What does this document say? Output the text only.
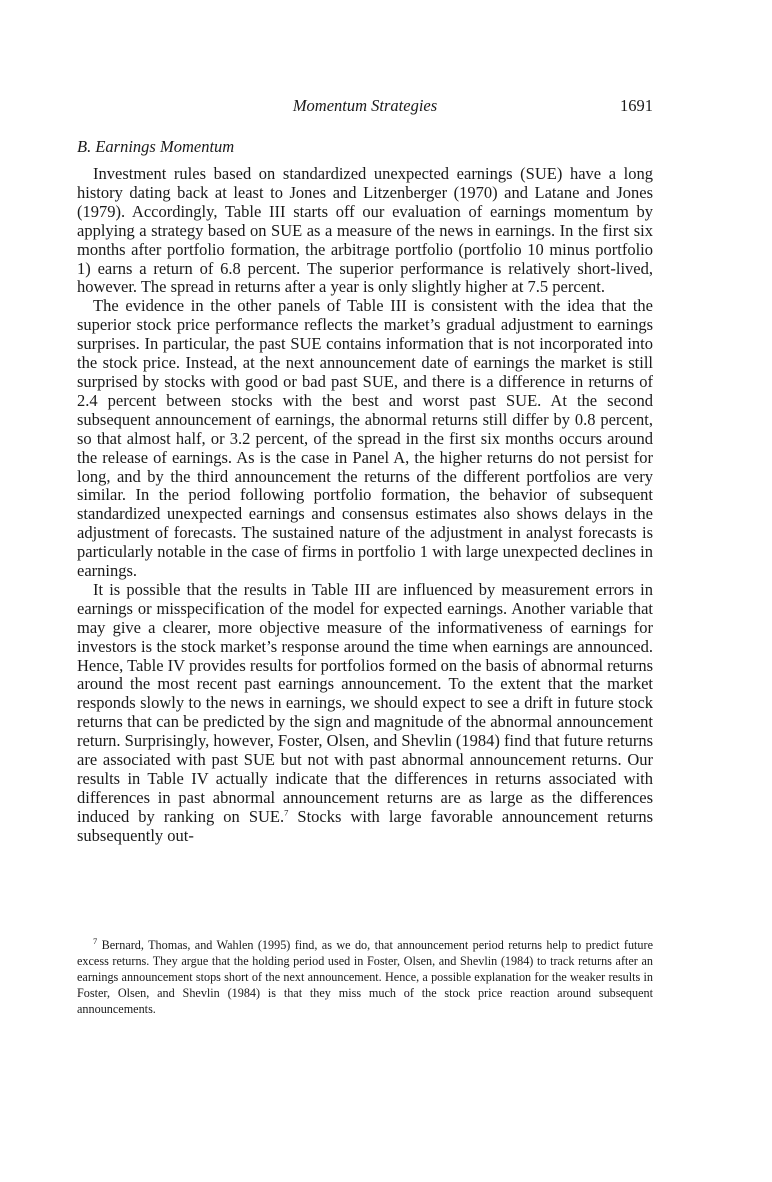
Momentum Strategies	1691
B. Earnings Momentum

Investment rules based on standardized unexpected earnings (SUE) have a long history dating back at least to Jones and Litzenberger (1970) and Latane and Jones (1979). Accordingly, Table III starts off our evaluation of earnings momentum by applying a strategy based on SUE as a measure of the news in earnings. In the first six months after portfolio formation, the arbitrage portfolio (portfolio 10 minus portfolio 1) earns a return of 6.8 percent. The superior performance is relatively short-lived, however. The spread in returns after a year is only slightly higher at 7.5 percent.

The evidence in the other panels of Table III is consistent with the idea that the superior stock price performance reflects the market’s gradual adjustment to earnings surprises. In particular, the past SUE contains information that is not incorporated into the stock price. Instead, at the next announcement date of earnings the market is still surprised by stocks with good or bad past SUE, and there is a difference in returns of 2.4 percent between stocks with the best and worst past SUE. At the second subsequent announcement of earnings, the abnormal returns still differ by 0.8 percent, so that almost half, or 3.2 percent, of the spread in the first six months occurs around the release of earnings. As is the case in Panel A, the higher returns do not persist for long, and by the third announcement the returns of the different portfolios are very similar. In the period following portfolio formation, the behavior of subsequent standardized unexpected earnings and consensus estimates also shows delays in the adjustment of forecasts. The sustained nature of the adjustment in analyst forecasts is particularly notable in the case of firms in portfolio 1 with large unexpected declines in earnings.

It is possible that the results in Table III are influenced by measurement errors in earnings or misspecification of the model for expected earnings. Another variable that may give a clearer, more objective measure of the informativeness of earnings for investors is the stock market’s response around the time when earnings are announced. Hence, Table IV provides results for portfolios formed on the basis of abnormal returns around the most recent past earnings announcement. To the extent that the market responds slowly to the news in earnings, we should expect to see a drift in future stock returns that can be predicted by the sign and magnitude of the abnormal announcement return. Surprisingly, however, Foster, Olsen, and Shevlin (1984) find that future returns are associated with past SUE but not with past abnormal announcement returns. Our results in Table IV actually indicate that the differences in returns associated with differences in past abnormal announcement returns are as large as the differences induced by ranking on SUE.$^7$ Stocks with large favorable announcement returns subsequently out-

$^7$ Bernard, Thomas, and Wahlen (1995) find, as we do, that announcement period returns help to predict future excess returns. They argue that the holding period used in Foster, Olsen, and Shevlin (1984) to track returns after an earnings announcement stops short of the next announcement. Hence, a possible explanation for the weaker results in Foster, Olsen, and Shevlin (1984) is that they miss much of the stock price reaction around subsequent announcements.
